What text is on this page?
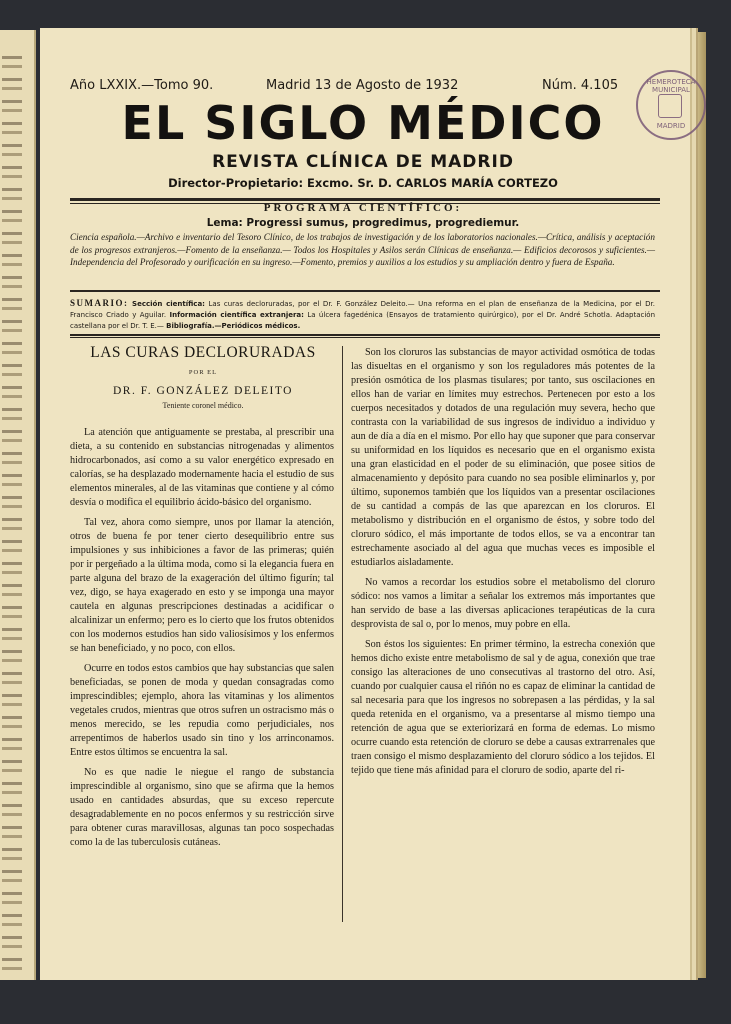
Año LXXIX.—Tomo 90.	Madrid 13 de Agosto de 1932	Núm. 4.105	HEMEROTECA MUNICIPAL
MADRID
EL SIGLO MÉDICO
REVISTA CLÍNICA DE MADRID
Director-Propietario: Excmo. Sr. D. CARLOS MARÍA CORTEZO
PROGRAMA CIENTÍFICO:
Lema: Progressi sumus, progredimus, progrediemur.
Ciencia española.—Archivo e inventario del Tesoro Clínico, de los trabajos de investigación y de los laboratorios nacionales.—Crítica, análisis y aceptación de los progresos extranjeros.—Fomento de la enseñanza.— Todos los Hospitales y Asilos serán Clínicas de enseñanza.— Edificios decorosos y suficientes.— Independencia del Profesorado y ourificación en su ingreso.—Fomento, premios y auxilios a los estudios y su ampliación dentro y fuera de España.
SUMARIO: Sección científica: Las curas decloruradas, por el Dr. F. González Deleito.— Una reforma en el plan de enseñanza de la Medicina, por el Dr. Francisco Criado y Aguilar. Información científica extranjera: La úlcera fagedénica (Ensayos de tratamiento quirúrgico), por el Dr. André Schotla. Adaptación castellana por el Dr. T. E.— Bibliografía.—Periódicos médicos.
LAS CURAS DECLORURADAS
POR EL
DR. F. GONZÁLEZ DELEITO
Teniente coronel médico.

La atención que antiguamente se prestaba, al prescribir una dieta, a su contenido en substancias nitrogenadas y alimentos hidrocarbonados, así como a su valor energético expresado en calorías, se ha desplazado modernamente hacia el estudio de sus elementos minerales, al de las vitaminas que contiene y al cómo desvía o modifica el equilibrio ácido-básico del organismo.

Tal vez, ahora como siempre, unos por llamar la atención, otros de buena fe por tener cierto desequilibrio entre sus impulsiones y sus inhibiciones a favor de las primeras; quién por ir pergeñado a la última moda, como si la elegancia fuera en parte alguna del brazo de la exageración del último figurín; tal vez, digo, se haya exagerado en esto y se imponga una mayor cautela en algunas prescripciones destinadas a acidificar o alcalinizar un enfermo; pero es lo cierto que los frutos obtenidos con los modernos estudios han sido valiosísimos y los enfermos se han beneficiado, y no poco, con ellos.

Ocurre en todos estos cambios que hay substancias que salen beneficiadas, se ponen de moda y quedan consagradas como imprescindibles; ejemplo, ahora las vitaminas y los alimentos vegetales crudos, mientras que otros sufren un ostracismo más o menos merecido, se les repudia como perjudiciales, nos arrepentimos de haberlos usado sin tino y los arrinconamos. Entre estos últimos se encuentra la sal.

No es que nadie le niegue el rango de substancia imprescindible al organismo, sino que se afirma que la hemos usado en cantidades absurdas, que su exceso repercute desagradablemente en no pocos enfermos y su restricción sirve para obtener curas maravillosas, algunas tan poco sospechadas como la de las tuberculosis cutáneas.

Son los cloruros las substancias de mayor actividad osmótica de todas las disueltas en el organismo y son los reguladores más potentes de la presión osmótica de los plasmas tisulares; por tanto, sus oscilaciones en ellos han de variar en límites muy estrechos. Pertenecen por esto a los cuerpos necesitados y dotados de una regulación muy severa, hecho que contrasta con la variabilidad de sus ingresos de individuo a individuo y aun de día a día en el mismo. Por ello hay que suponer que para conservar su uniformidad en los líquidos es necesario que en el organismo exista una gran elasticidad en el poder de su eliminación, que posee sitios de almacenamiento y depósito para cuando no sea posible eliminarlos y, por último, suponemos también que los líquidos van a presentar oscilaciones de su cantidad a compás de las que aparezcan en los cloruros. El metabolismo y distribución en el organismo de éstos, y sobre todo del cloruro sódico, el más importante de todos ellos, se va a encontrar tan estrechamente asociado al del agua que muchas veces es imposible el estudiarlos aisladamente.

No vamos a recordar los estudios sobre el metabolismo del cloruro sódico: nos vamos a limitar a señalar los extremos más importantes que han servido de base a las diversas aplicaciones terapéuticas de la cura desprovista de sal o, por lo menos, muy pobre en ella.

Son éstos los siguientes: En primer término, la estrecha conexión que hemos dicho existe entre metabolismo de sal y de agua, conexión que trae consigo las alteraciones de uno consecutivas al trastorno del otro. Así, cuando por cualquier causa el riñón no es capaz de eliminar la cantidad de sal necesaria para que los ingresos no sobrepasen a las pérdidas, y la sal queda retenida en el organismo, va a presentarse al mismo tiempo una retención de agua que se exteriorizará en forma de edemas. Lo mismo ocurre cuando esta retención de cloruro se debe a causas extrarrenales que traen consigo el mismo desplazamiento del cloruro sódico a los tejidos. El tejido que tiene más afinidad para el cloruro de sodio, aparte del ri-
